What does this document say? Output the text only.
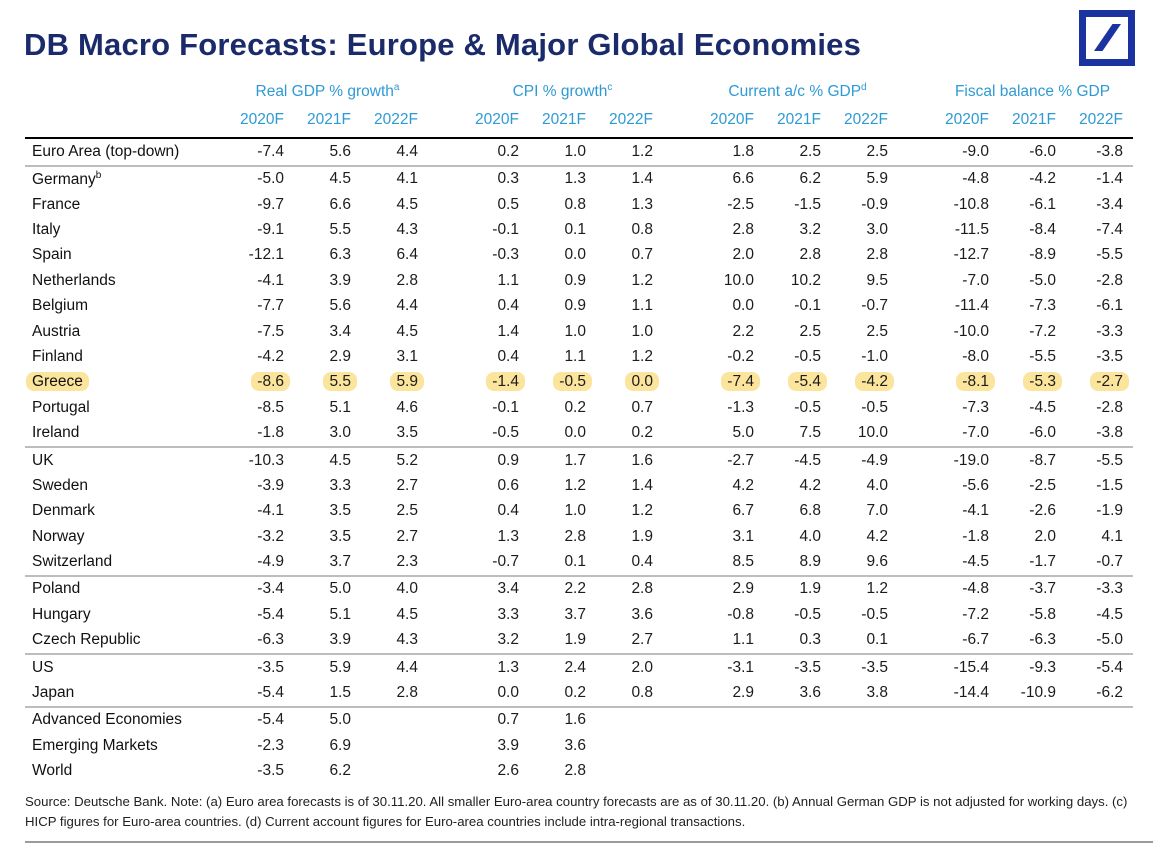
DB Macro Forecasts: Europe & Major Global Economies
	Real GDP % growth$^a$				CPI % growth$^c$				Current a/c % GDP$^d$				Fiscal balance % GDP		
	2020F	2021F	2022F		2020F	2021F	2022F		2020F	2021F	2022F		2020F	2021F	2022F
Euro Area (top-down)	-7.4	5.6	4.4		0.2	1.0	1.2		1.8	2.5	2.5		-9.0	-6.0	-3.8
Germany$^b$	-5.0	4.5	4.1		0.3	1.3	1.4		6.6	6.2	5.9		-4.8	-4.2	-1.4
France	-9.7	6.6	4.5		0.5	0.8	1.3		-2.5	-1.5	-0.9		-10.8	-6.1	-3.4
Italy	-9.1	5.5	4.3		-0.1	0.1	0.8		2.8	3.2	3.0		-11.5	-8.4	-7.4
Spain	-12.1	6.3	6.4		-0.3	0.0	0.7		2.0	2.8	2.8		-12.7	-8.9	-5.5
Netherlands	-4.1	3.9	2.8		1.1	0.9	1.2		10.0	10.2	9.5		-7.0	-5.0	-2.8
Belgium	-7.7	5.6	4.4		0.4	0.9	1.1		0.0	-0.1	-0.7		-11.4	-7.3	-6.1
Austria	-7.5	3.4	4.5		1.4	1.0	1.0		2.2	2.5	2.5		-10.0	-7.2	-3.3
Finland	-4.2	2.9	3.1		0.4	1.1	1.2		-0.2	-0.5	-1.0		-8.0	-5.5	-3.5
Greece	-8.6	5.5	5.9		-1.4	-0.5	0.0		-7.4	-5.4	-4.2		-8.1	-5.3	-2.7
Portugal	-8.5	5.1	4.6		-0.1	0.2	0.7		-1.3	-0.5	-0.5		-7.3	-4.5	-2.8
Ireland	-1.8	3.0	3.5		-0.5	0.0	0.2		5.0	7.5	10.0		-7.0	-6.0	-3.8
UK	-10.3	4.5	5.2		0.9	1.7	1.6		-2.7	-4.5	-4.9		-19.0	-8.7	-5.5
Sweden	-3.9	3.3	2.7		0.6	1.2	1.4		4.2	4.2	4.0		-5.6	-2.5	-1.5
Denmark	-4.1	3.5	2.5		0.4	1.0	1.2		6.7	6.8	7.0		-4.1	-2.6	-1.9
Norway	-3.2	3.5	2.7		1.3	2.8	1.9		3.1	4.0	4.2		-1.8	2.0	4.1
Switzerland	-4.9	3.7	2.3		-0.7	0.1	0.4		8.5	8.9	9.6		-4.5	-1.7	-0.7
Poland	-3.4	5.0	4.0		3.4	2.2	2.8		2.9	1.9	1.2		-4.8	-3.7	-3.3
Hungary	-5.4	5.1	4.5		3.3	3.7	3.6		-0.8	-0.5	-0.5		-7.2	-5.8	-4.5
Czech Republic	-6.3	3.9	4.3		3.2	1.9	2.7		1.1	0.3	0.1		-6.7	-6.3	-5.0
US	-3.5	5.9	4.4		1.3	2.4	2.0		-3.1	-3.5	-3.5		-15.4	-9.3	-5.4
Japan	-5.4	1.5	2.8		0.0	0.2	0.8		2.9	3.6	3.8		-14.4	-10.9	-6.2
Advanced Economies	-5.4	5.0			0.7	1.6									
Emerging Markets	-2.3	6.9			3.9	3.6									
World	-3.5	6.2			2.6	2.8									

Source: Deutsche Bank. Note: (a) Euro area forecasts is of 30.11.20. All smaller Euro-area country forecasts are as of 30.11.20. (b) Annual German GDP is not adjusted for working days. (c) HICP figures for Euro-area countries. (d) Current account figures for Euro-area countries include intra-regional transactions.
